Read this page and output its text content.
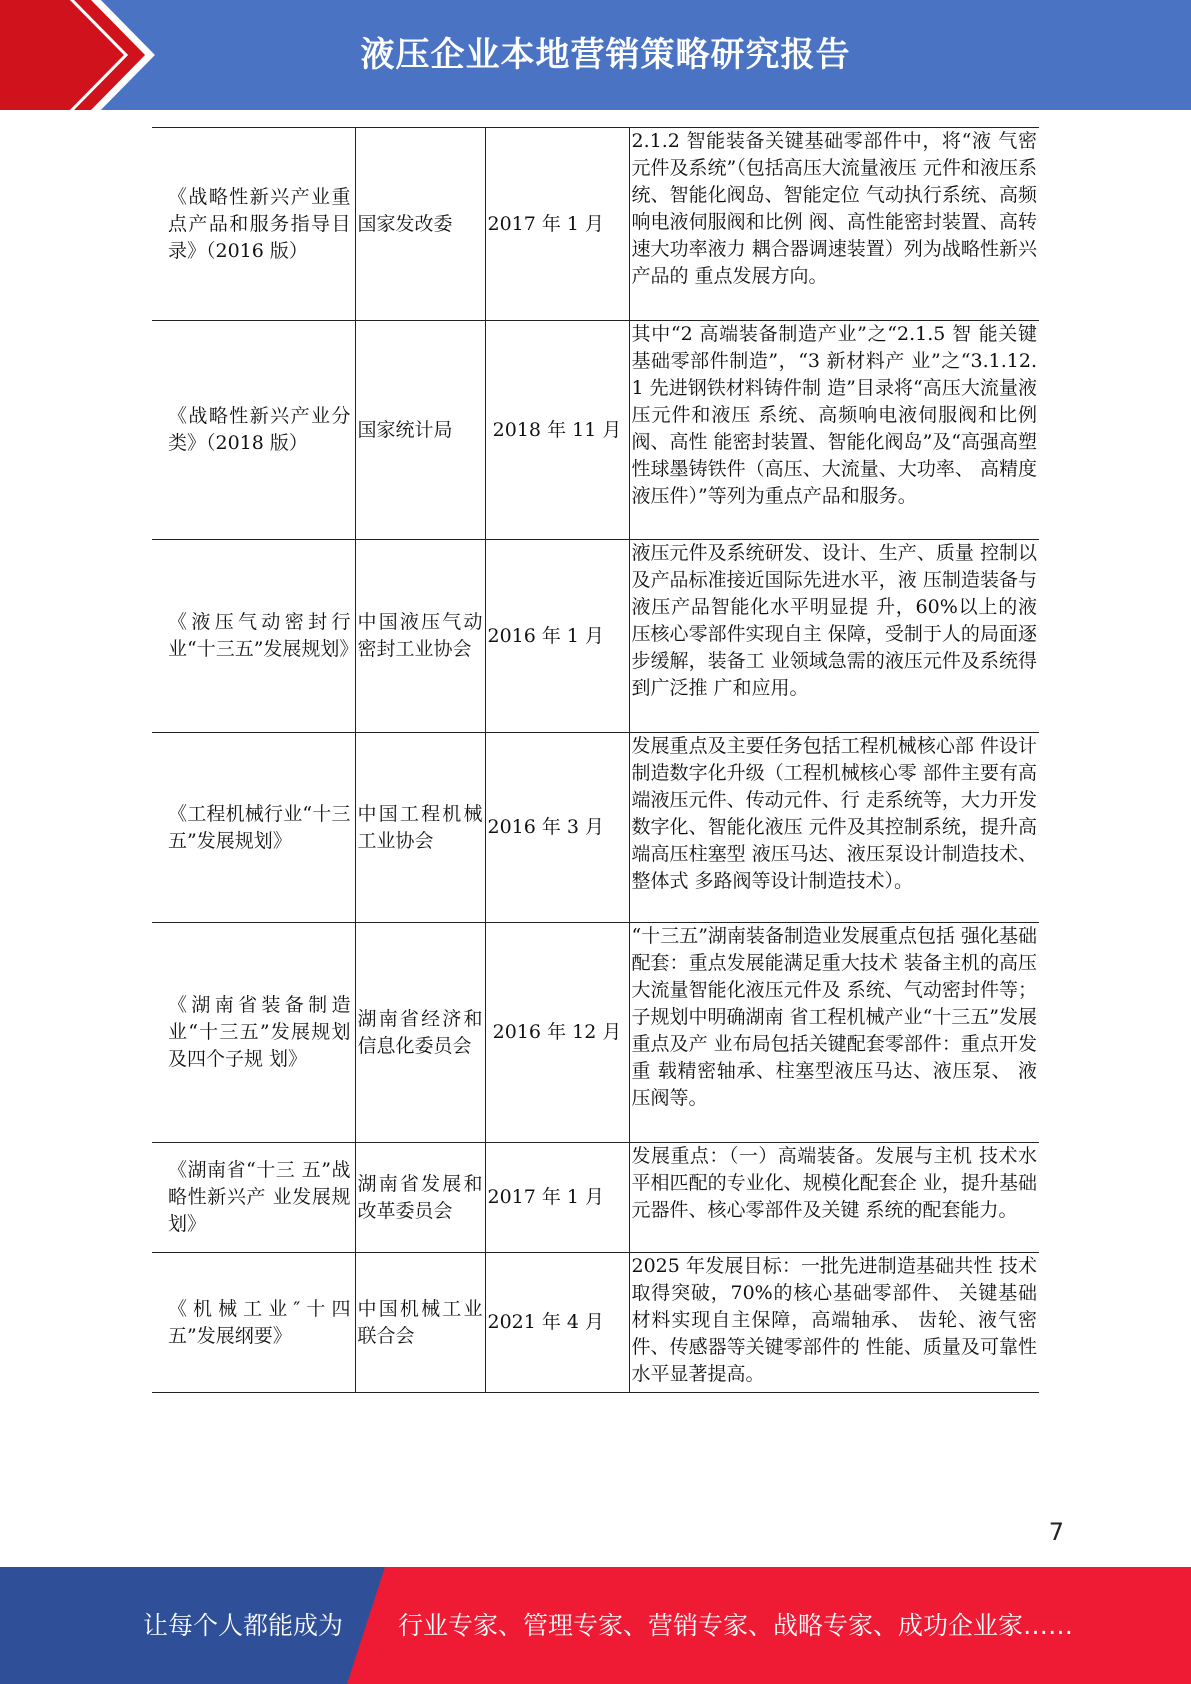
液压企业本地营销策略研究报告
《战略性新兴产业重点产品和服务指导目录》（2016 版）	国家发改委	2017 年 1 月	2.1.2 智能装备关键基础零部件中，将“液 气密元件及系统”（包括高压大流量液压 元件和液压系统、智能化阀岛、智能定位 气动执行系统、高频响电液伺服阀和比例 阀、高性能密封装置、高转速大功率液力 耦合器调速装置）列为战略性新兴产品的 重点发展方向。
《战略性新兴产业分类》（2018 版）	国家统计局	2018 年 11 月	其中“2 高端装备制造产业”之“2.1.5 智 能关键基础零部件制造”，“3 新材料产 业”之“3.1.12.1 先进钢铁材料铸件制 造”目录将“高压大流量液压元件和液压 系统、高频响电液伺服阀和比例阀、高性 能密封装置、智能化阀岛”及“高强高塑 性球墨铸铁件（高压、大流量、大功率、 高精度液压件）”等列为重点产品和服务。
《液压气动密封行业“十三五”发展规划》	中国液压气动密封工业协会	2016 年 1 月	液压元件及系统研发、设计、生产、质量 控制以及产品标准接近国际先进水平，液 压制造装备与液压产品智能化水平明显提 升，60%以上的液压核心零部件实现自主 保障，受制于人的局面逐步缓解，装备工 业领域急需的液压元件及系统得到广泛推 广和应用。
《工程机械行业“十三五”发展规划》	中国工程机械工业协会	2016 年 3 月	发展重点及主要任务包括工程机械核心部 件设计制造数字化升级（工程机械核心零 部件主要有高端液压元件、传动元件、行 走系统等，大力开发数字化、智能化液压 元件及其控制系统，提升高端高压柱塞型 液压马达、液压泵设计制造技术、整体式 多路阀等设计制造技术）。
《湖南省装备制造业“十三五”发展规划及四个子规 划》	湖南省经济和信息化委员会	2016 年 12 月	“十三五”湖南装备制造业发展重点包括 强化基础配套：重点发展能满足重大技术 装备主机的高压大流量智能化液压元件及 系统、气动密封件等；子规划中明确湖南 省工程机械产业“十三五”发展重点及产 业布局包括关键配套零部件：重点开发重 载精密轴承、柱塞型液压马达、液压泵、 液压阀等。
《湖南省“十三 五”战略性新兴产 业发展规划》	湖南省发展和改革委员会	2017 年 1 月	发展重点：（一）高端装备。发展与主机 技术水平相匹配的专业化、规模化配套企 业，提升基础元器件、核心零部件及关键 系统的配套能力。
《机械工业″十四五”发展纲要》	中国机械工业联合会	2021 年 4 月	2025 年发展目标：一批先进制造基础共性 技术取得突破，70%的核心基础零部件、 关键基础材料实现自主保障，高端轴承、 齿轮、液气密件、传感器等关键零部件的 性能、质量及可靠性水平显著提高。
7
让每个人都能成为 行业专家、管理专家、营销专家、战略专家、成功企业家……
